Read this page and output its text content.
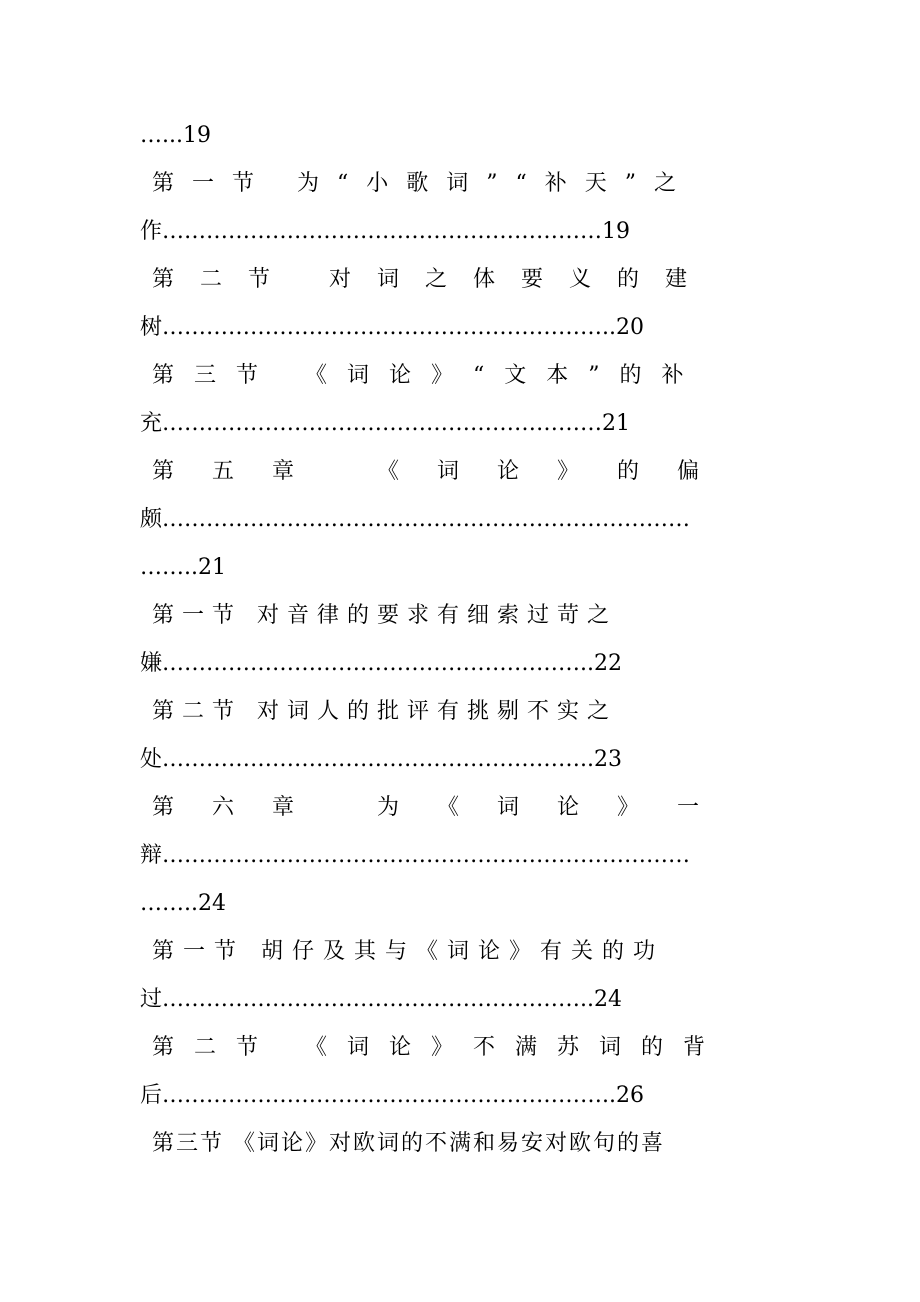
…...19
第一节 为“小歌词”“补天”之
作……………………………………………………19
第二节 对词之体要义的建
树……………………………………………………..20
第三节 《词论》“文本”的补
充……………………………………………………21
第五章 《词论》的偏
颇………………………………………………………………
……..21
第一节 对音律的要求有细索过苛之
嫌…………………………………………………..22
第二节 对词人的批评有挑剔不实之
处…………………………………………………..23
第六章 为《词论》一
辩………………………………………………………………
……..24
第一节 胡仔及其与《词论》有关的功
过…………………………………………………..24
第二节 《词论》不满苏词的背
后……………………………………………………..26
第三节 《词论》对欧词的不满和易安对欧句的喜
